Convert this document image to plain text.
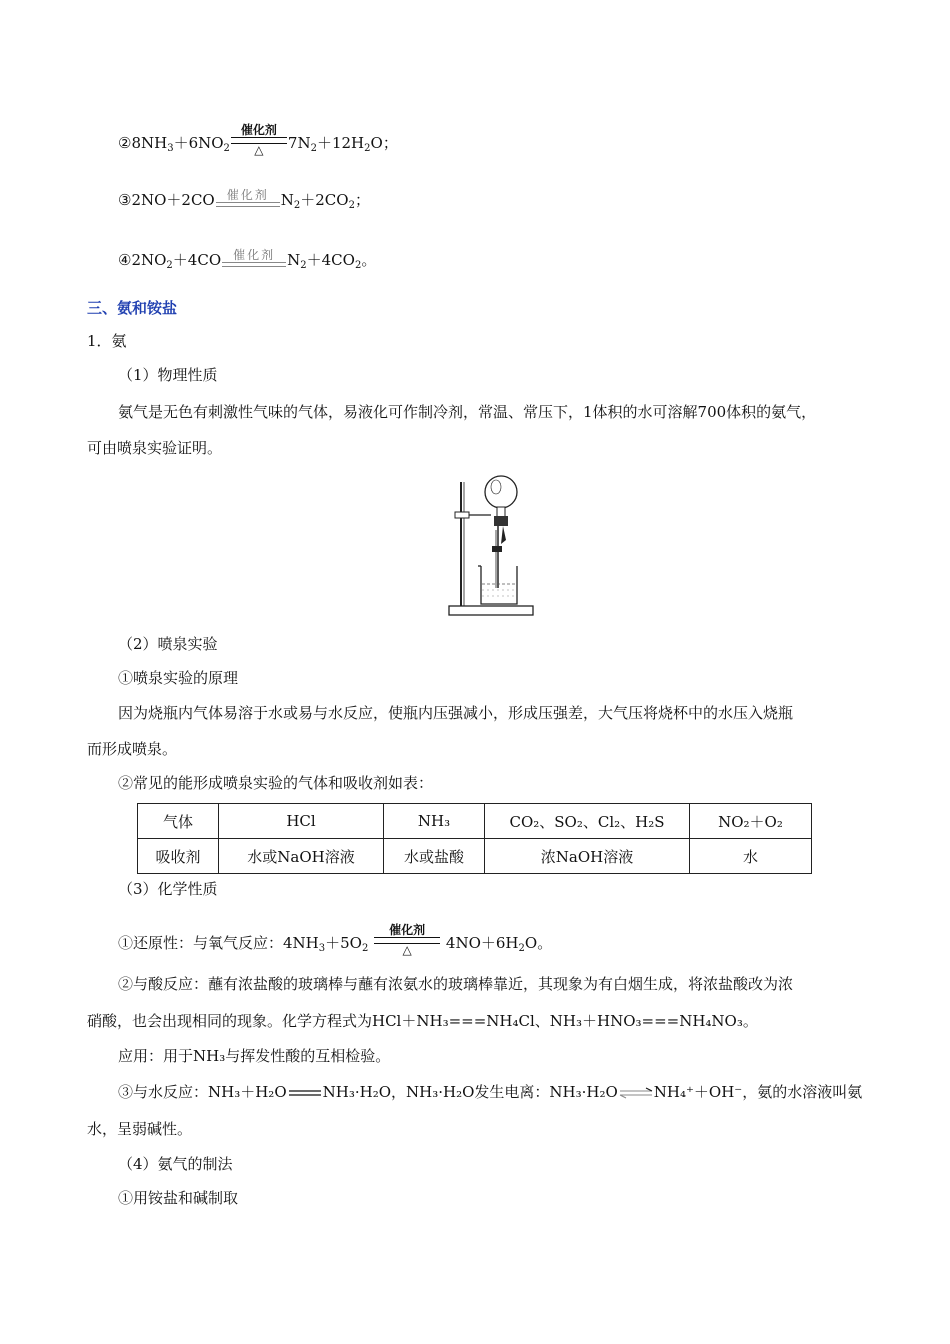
$②8NH_3+6NO_2$
催化剂
△	$7N_2+12H_2O$；
③2NO＋2CO 催化剂 $N_2+2CO_2$；
$④2NO_2+4CO$ 催化剂 $N_2+4CO_2$。
三、氨和铵盐
1．氨
（1）物理性质
氨气是无色有刺激性气味的气体，易液化可作制冷剂，常温、常压下，1体积的水可溶解700体积的氨气，
可由喷泉实验证明。
（2）喷泉实验
①喷泉实验的原理
因为烧瓶内气体易溶于水或易与水反应，使瓶内压强减小，形成压强差，大气压将烧杯中的水压入烧瓶
而形成喷泉。
②常见的能形成喷泉实验的气体和吸收剂如表：
气体	HCl	NH₃	CO₂、SO₂、Cl₂、H₂S	NO₂＋O₂
吸收剂	水或NaOH溶液	水或盐酸	浓NaOH溶液	水
（3）化学性质
①还原性：与氧气反应：$4NH_3+5O_2$
催化剂
△	$4NO+6H_2O$。
②与酸反应：蘸有浓盐酸的玻璃棒与蘸有浓氨水的玻璃棒靠近，其现象为有白烟生成，将浓盐酸改为浓
硝酸，也会出现相同的现象。化学方程式为HCl＋NH₃===NH₄Cl、NH₃＋HNO₃===NH₄NO₃。
应用：用于NH₃与挥发性酸的互相检验。
③与水反应：NH₃＋H₂O NH₃·H₂O，NH₃·H₂O发生电离：NH₃·H₂O NH₄⁺＋OH⁻，氨的水溶液叫氨
水，呈弱碱性。
（4）氨气的制法
①用铵盐和碱制取
